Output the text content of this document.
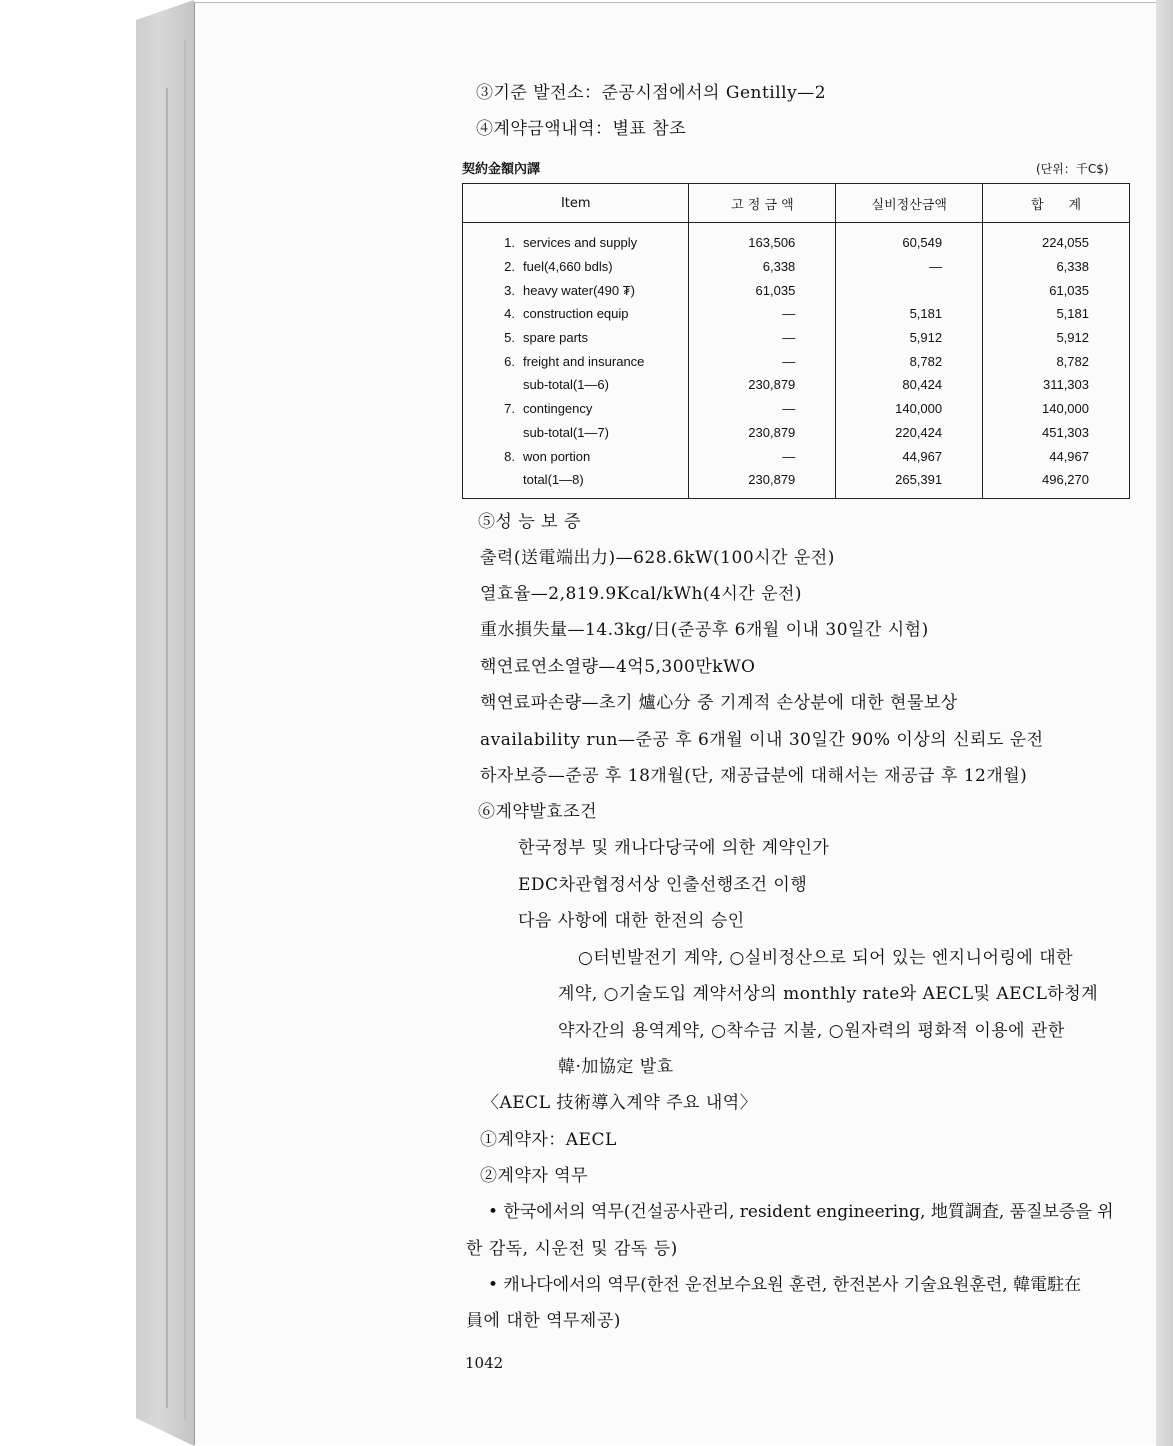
③기준 발전소：준공시점에서의 Gentilly—2
④계약금액내역：별표 참조
契約金額內譯	(단위：千C$)
Item	고 정 금 액	실비정산금액	합      계
1. services and supply	163,506	60,549	224,055
2. fuel(4,660 bdls)	6,338	—	6,338
3. heavy water(490 ₮)	61,035		61,035
4. construction equip	—	5,181	5,181
5. spare parts	—	5,912	5,912
6. freight and insurance	—	8,782	8,782
sub-total(1—6)	230,879	80,424	311,303
7. contingency	—	140,000	140,000
sub-total(1—7)	230,879	220,424	451,303
8. won portion	—	44,967	44,967
total(1—8)	230,879	265,391	496,270
⑤성 능 보 증
출력(送電端出力)—628.6kW(100시간 운전)
열효율—2,819.9Kcal/kWh(4시간 운전)
重水損失量—14.3kg/日(준공후 6개월 이내 30일간 시험)
핵연료연소열량—4억5,300만kWO
핵연료파손량—초기 爐心分 중 기계적 손상분에 대한 현물보상
availability run—준공 후 6개월 이내 30일간 90% 이상의 신뢰도 운전
하자보증—준공 후 18개월(단, 재공급분에 대해서는 재공급 후 12개월)
⑥계약발효조건
한국정부 및 캐나다당국에 의한 계약인가
EDC차관협정서상 인출선행조건 이행
다음 사항에 대한 한전의 승인
○터빈발전기 계약, ○실비정산으로 되어 있는 엔지니어링에 대한
계약, ○기술도입 계약서상의 monthly rate와 AECL및 AECL하청계
약자간의 용역계약, ○착수금 지불, ○원자력의 평화적 이용에 관한
韓·加協定 발효
〈AECL 技術導入계약 주요 내역〉
①계약자：AECL
②계약자 역무
• 한국에서의 역무(건설공사관리, resident engineering, 地質調査, 품질보증을 위
한 감독, 시운전 및 감독 등)
• 캐나다에서의 역무(한전 운전보수요원 훈련, 한전본사 기술요원훈련, 韓電駐在
員에 대한 역무제공)
1042
